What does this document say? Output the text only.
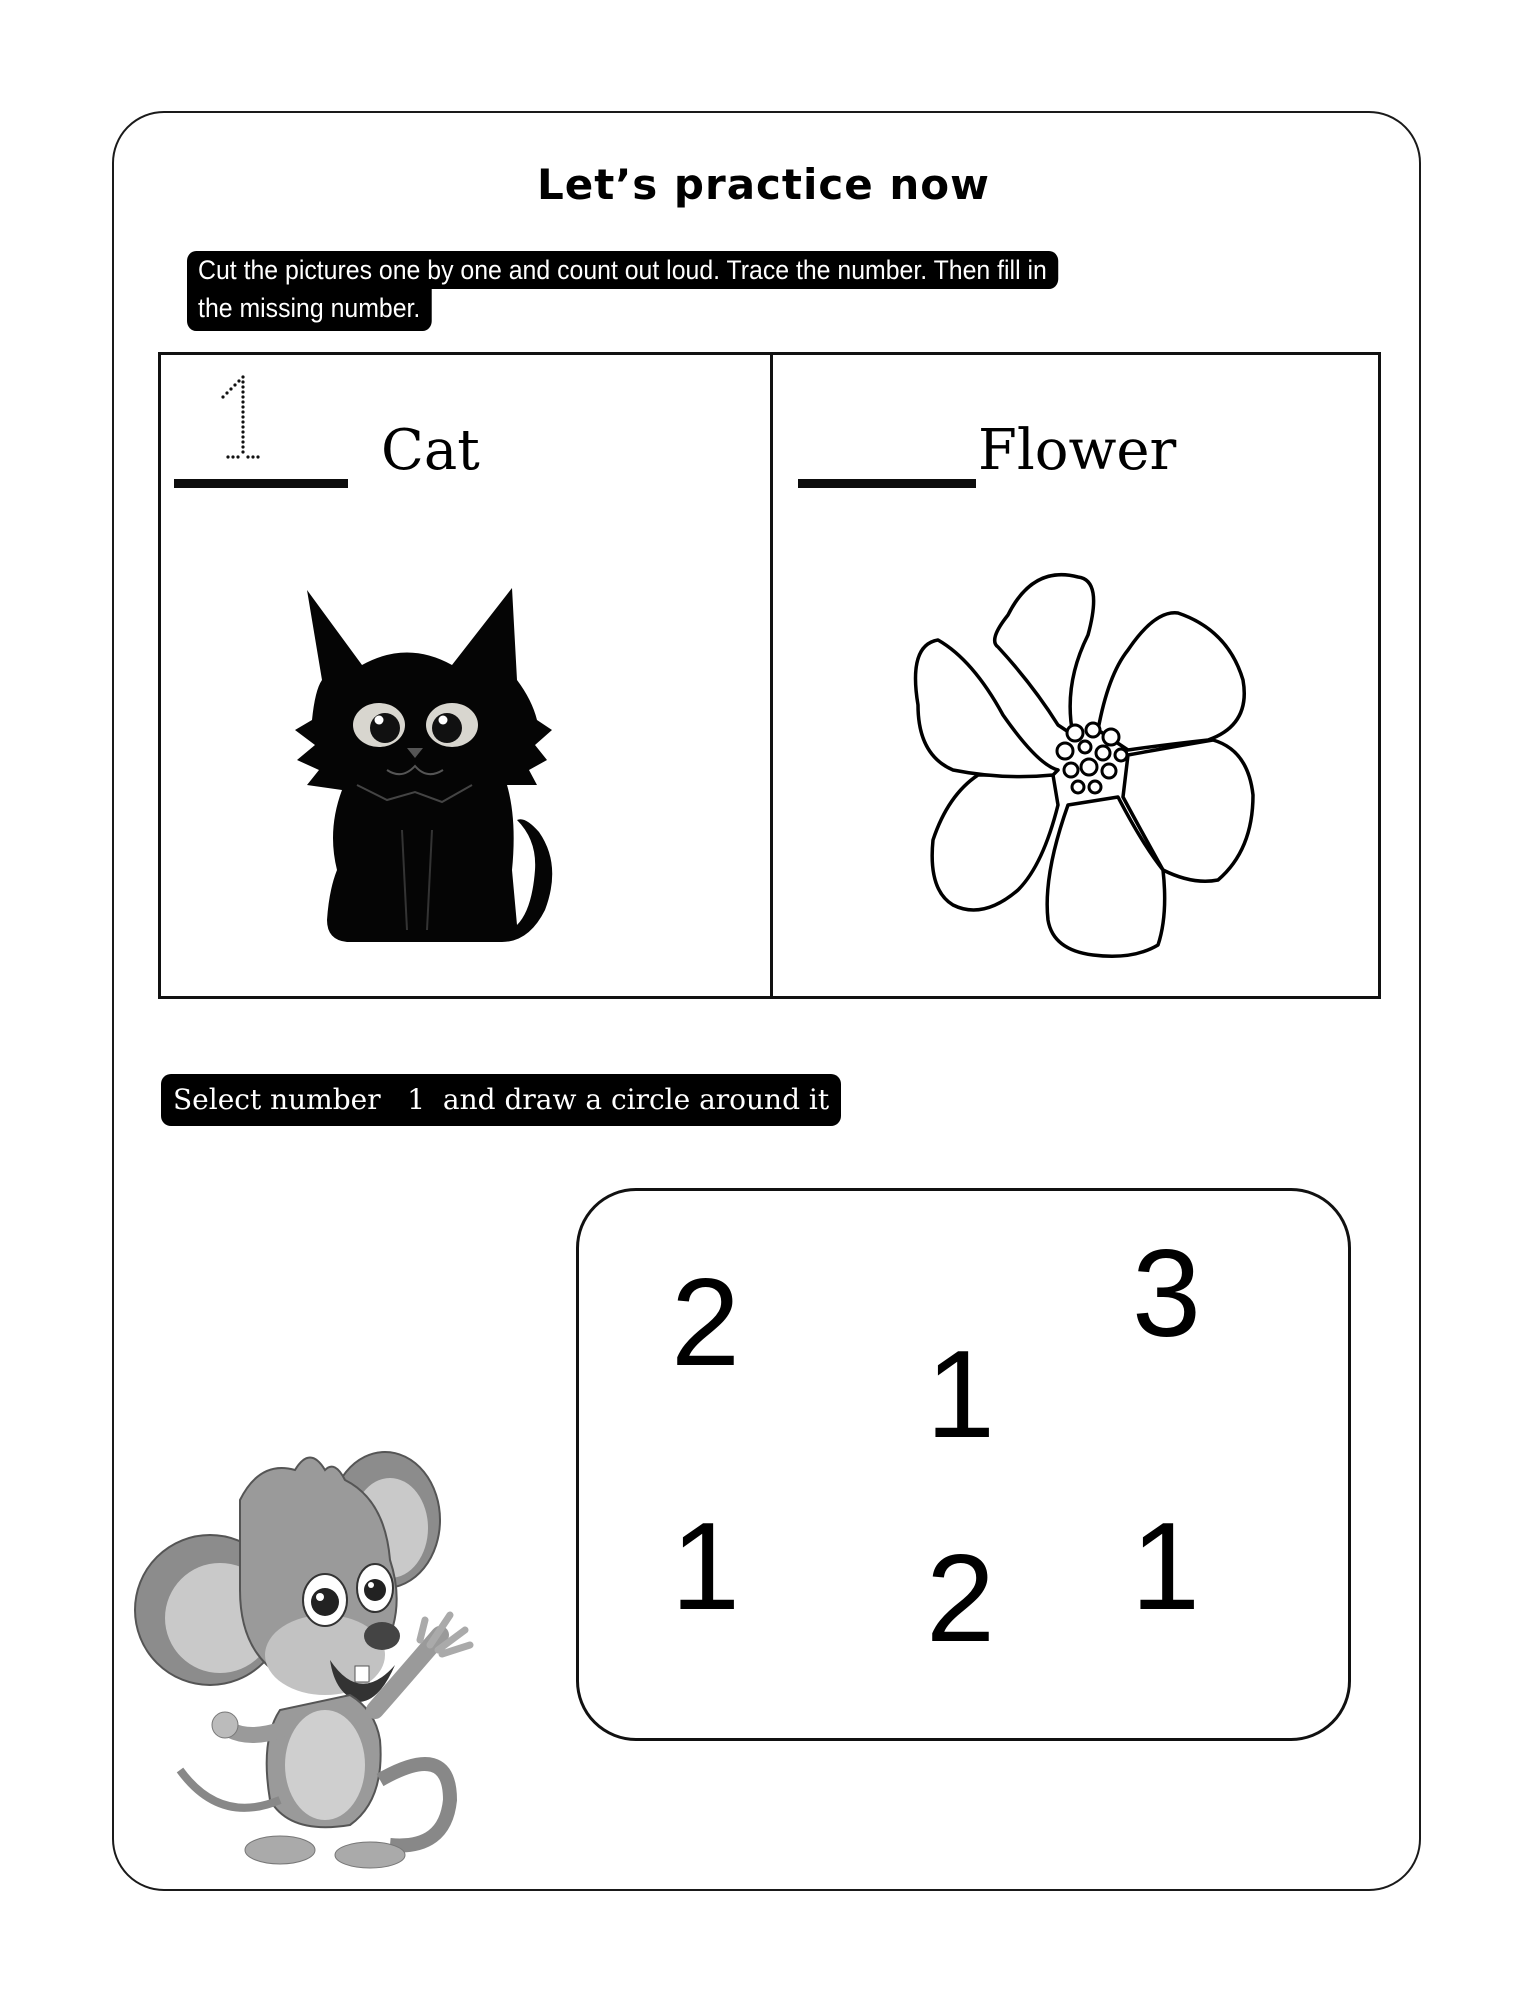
Let’s practice now
Cut the pictures one by one and count out loud. Trace the number. Then fill in
the missing number.
Cat	Flower
Select number   1  and draw a circle around it
2
1
3
1 2 1
